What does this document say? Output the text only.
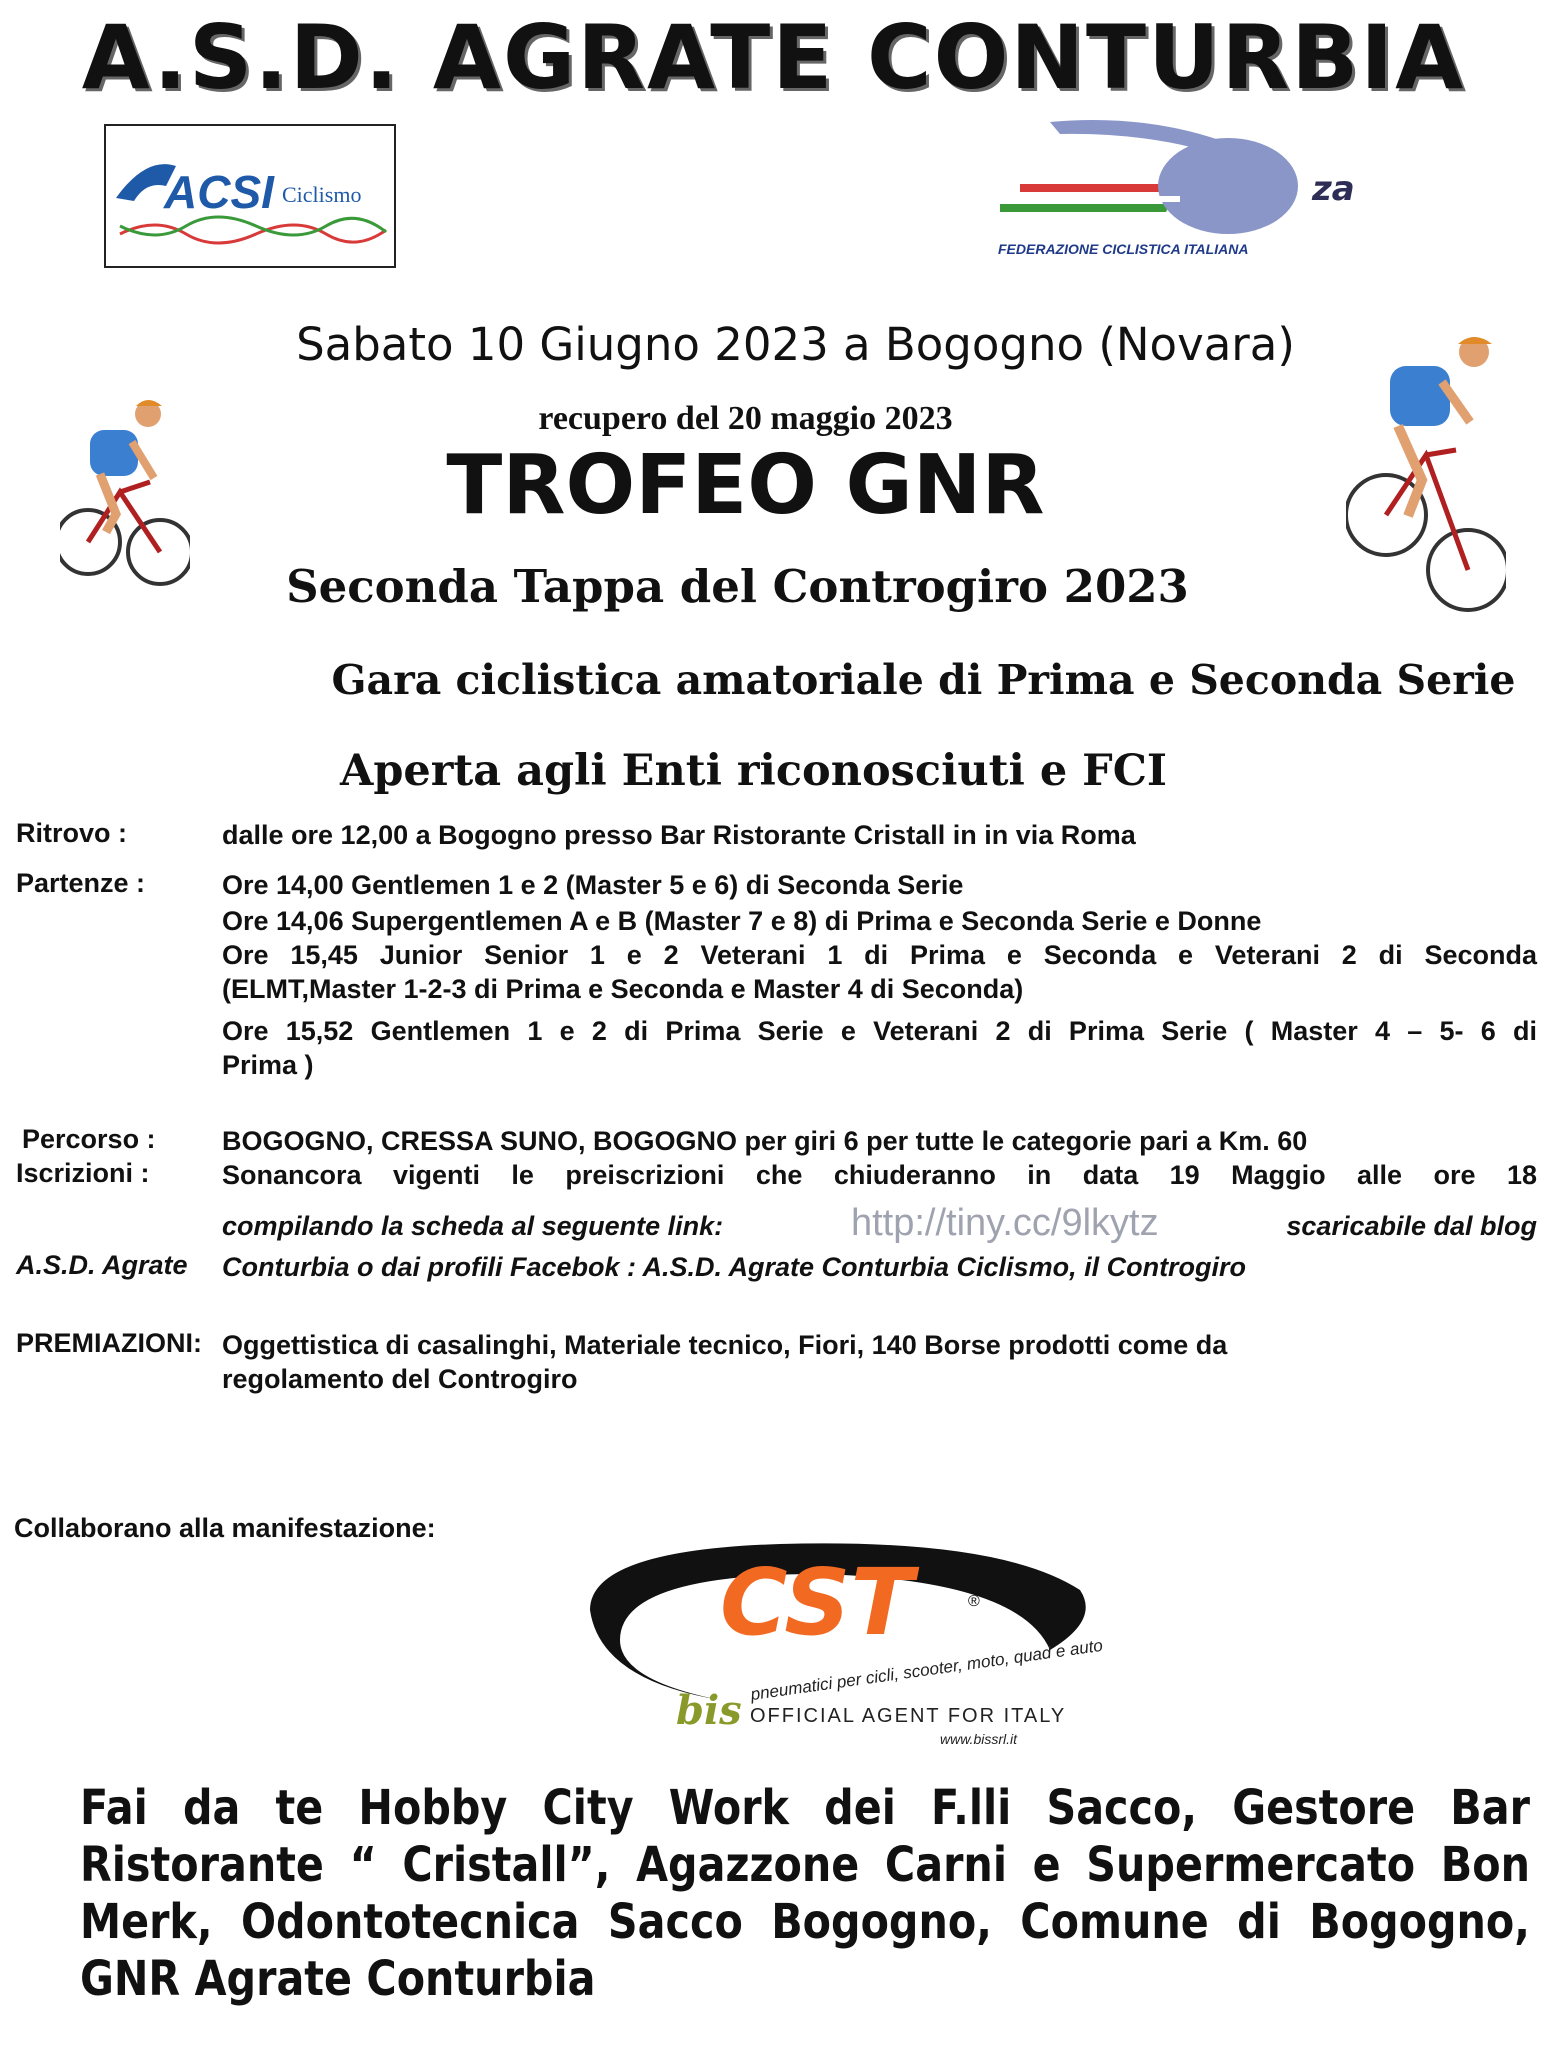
A.S.D. AGRATE CONTURBIA
ACSI Ciclismo	za
FEDERAZIONE CICLISTICA ITALIANA
Sabato 10 Giugno 2023 a Bogogno (Novara)
recupero del 20 maggio 2023
TROFEO GNR
Seconda Tappa del Controgiro 2023
Gara ciclistica amatoriale di Prima e Seconda Serie
Aperta agli Enti riconosciuti e FCI
Ritrovo :	dalle ore 12,00 a Bogogno presso Bar Ristorante Cristall in in via Roma
Partenze :	Ore 14,00 Gentlemen 1 e 2 (Master 5 e 6) di Seconda Serie
Ore 14,06 Supergentlemen A e B (Master 7 e 8) di Prima e Seconda Serie e Donne
Ore 15,45 Junior Senior 1 e 2 Veterani 1 di Prima e Seconda e Veterani 2 di Seconda
(ELMT,Master 1-2-3 di Prima e Seconda e Master 4 di Seconda)
Ore 15,52 Gentlemen 1 e 2 di Prima Serie e Veterani 2 di Prima Serie ( Master 4 – 5- 6 di
Prima )
Percorso :	BOGOGNO, CRESSA SUNO, BOGOGNO per giri 6 per tutte le categorie pari a Km. 60
Iscrizioni :	Sonancora vigenti le preiscrizioni che chiuderanno in data 19 Maggio alle ore 18
compilando la scheda al seguente link:	http://tiny.cc/9lkytz	scaricabile dal blog
A.S.D. Agrate	Conturbia o dai profili Facebok : A.S.D. Agrate Conturbia Ciclismo, il Controgiro
PREMIAZIONI: Oggettistica di casalinghi, Materiale tecnico, Fiori, 140 Borse prodotti come da
regolamento del Controgiro
Collaborano alla manifestazione:
CST	®
pneumatici per cicli, scooter, moto, quad e auto
bis OFFICIAL AGENT FOR ITALY
www.bissrl.it
Fai da te Hobby City Work dei F.lli Sacco, Gestore Bar Ristorante “ Cristall”, Agazzone Carni e Supermercato Bon Merk, Odontotecnica Sacco Bogogno, Comune di Bogogno, GNR Agrate Conturbia
